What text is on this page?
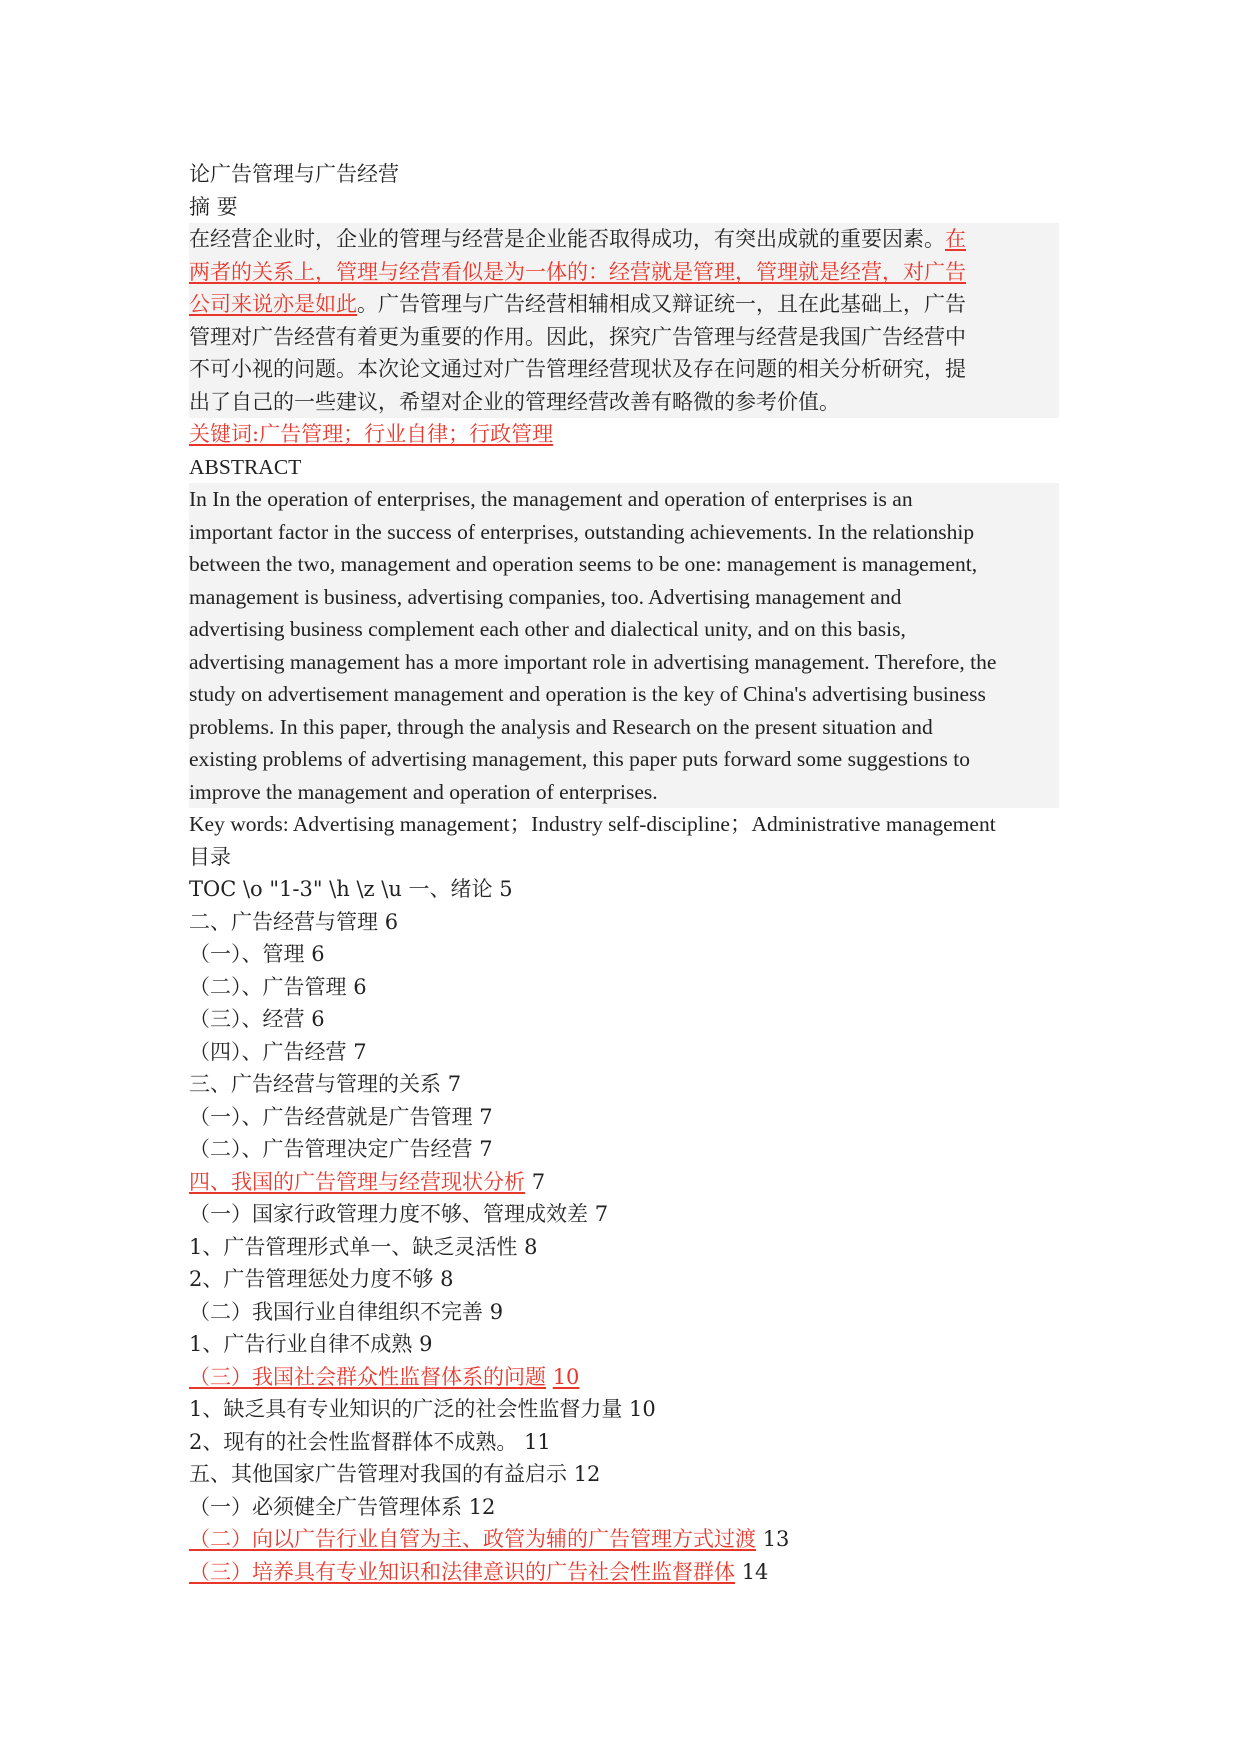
论广告管理与广告经营
摘 要
在经营企业时，企业的管理与经营是企业能否取得成功，有突出成就的重要因素。在
两者的关系上，管理与经营看似是为一体的：经营就是管理，管理就是经营，对广告
公司来说亦是如此。广告管理与广告经营相辅相成又辩证统一，且在此基础上，广告
管理对广告经营有着更为重要的作用。因此，探究广告管理与经营是我国广告经营中
不可小视的问题。本次论文通过对广告管理经营现状及存在问题的相关分析研究，提
出了自己的一些建议，希望对企业的管理经营改善有略微的参考价值。
关键词:广告管理；行业自律；行政管理
ABSTRACT
In In the operation of enterprises, the management and operation of enterprises is an
important factor in the success of enterprises, outstanding achievements. In the relationship
between the two, management and operation seems to be one: management is management,
management is business, advertising companies, too. Advertising management and
advertising business complement each other and dialectical unity, and on this basis,
advertising management has a more important role in advertising management. Therefore, the
study on advertisement management and operation is the key of China's advertising business
problems. In this paper, through the analysis and Research on the present situation and
existing problems of advertising management, this paper puts forward some suggestions to
improve the management and operation of enterprises.
Key words: Advertising management；Industry self-discipline；Administrative management
目录
TOC \o "1-3" \h \z \u 一、绪论 5
二、广告经营与管理 6
（一）、管理 6
（二）、广告管理 6
（三）、经营 6
（四）、广告经营 7
三、广告经营与管理的关系 7
（一）、广告经营就是广告管理 7
（二）、广告管理决定广告经营 7
四、我国的广告管理与经营现状分析 7
（一）国家行政管理力度不够、管理成效差 7
1、广告管理形式单一、缺乏灵活性 8
2、广告管理惩处力度不够 8
（二）我国行业自律组织不完善 9
1、广告行业自律不成熟 9
（三）我国社会群众性监督体系的问题 10
1、缺乏具有专业知识的广泛的社会性监督力量 10
2、现有的社会性监督群体不成熟。 11
五、其他国家广告管理对我国的有益启示 12
（一）必须健全广告管理体系 12
（二）向以广告行业自管为主、政管为辅的广告管理方式过渡 13
（三）培养具有专业知识和法律意识的广告社会性监督群体 14
